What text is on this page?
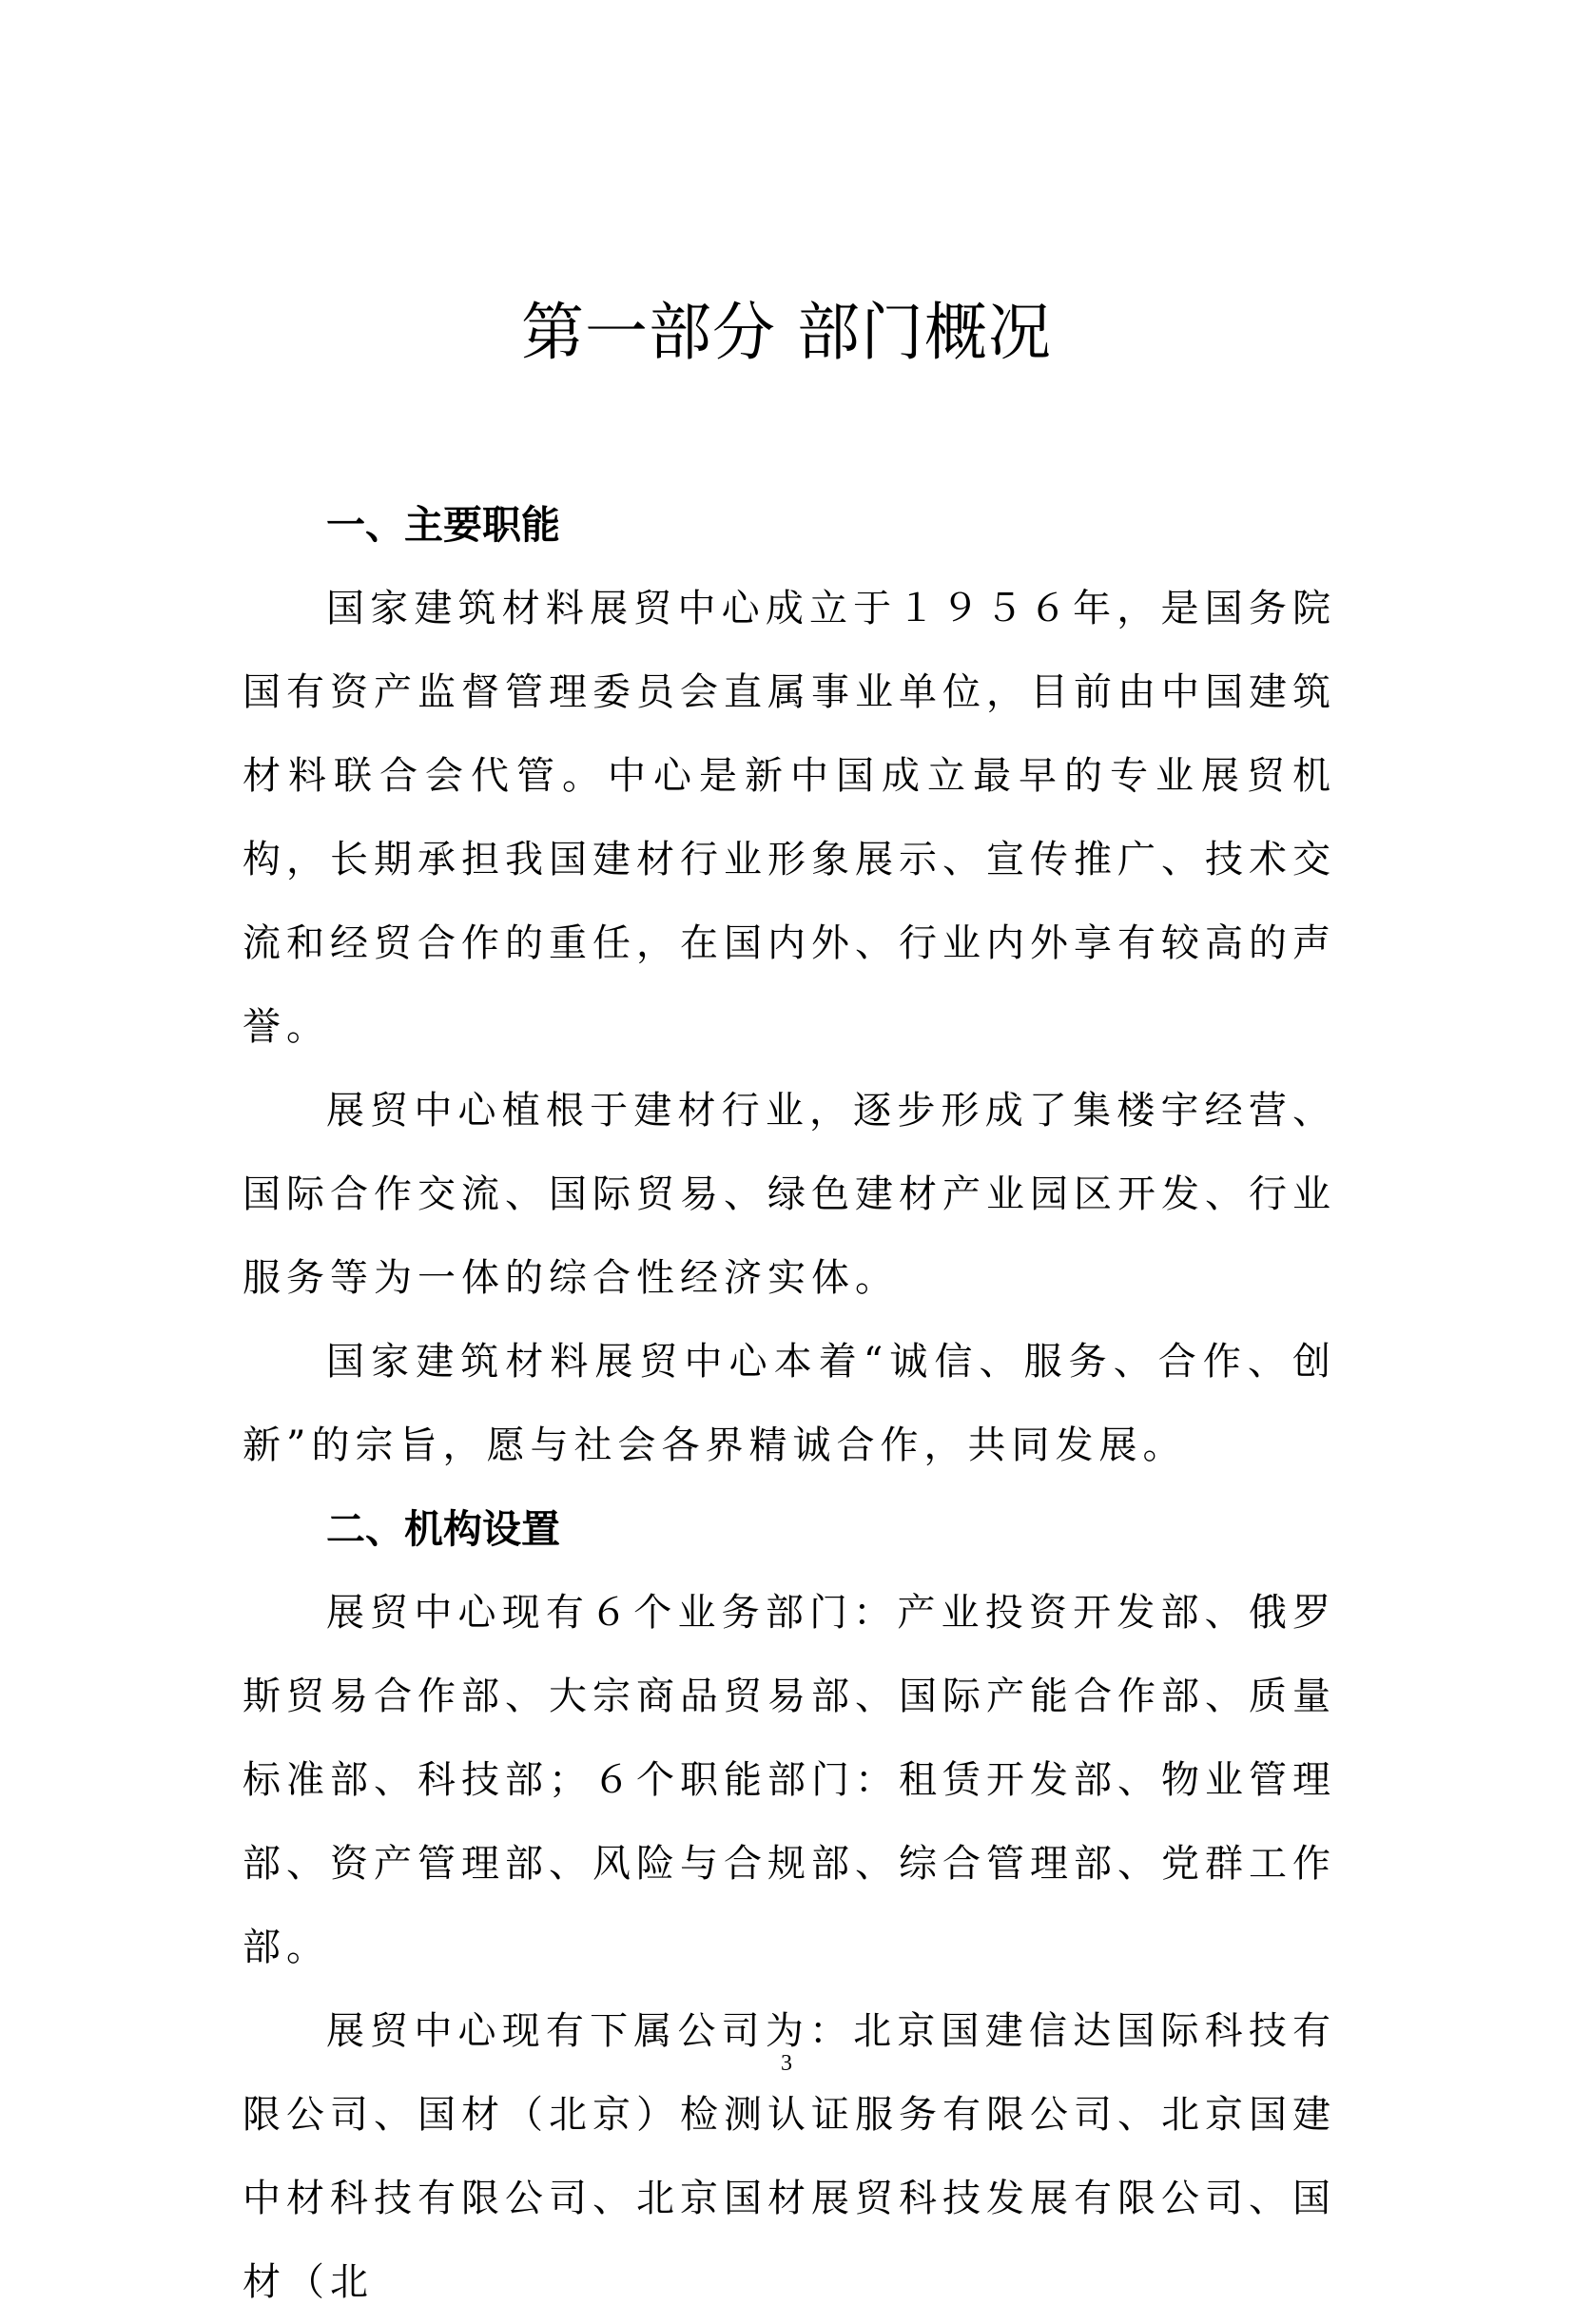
第一部分 部门概况
一、主要职能

国家建筑材料展贸中心成立于１９５６年，是国务院国有资产监督管理委员会直属事业单位，目前由中国建筑材料联合会代管。中心是新中国成立最早的专业展贸机构，长期承担我国建材行业形象展示、宣传推广、技术交流和经贸合作的重任，在国内外、行业内外享有较高的声誉。

展贸中心植根于建材行业，逐步形成了集楼宇经营、国际合作交流、国际贸易、绿色建材产业园区开发、行业服务等为一体的综合性经济实体。

国家建筑材料展贸中心本着“诚信、服务、合作、创新”的宗旨，愿与社会各界精诚合作，共同发展。

二、机构设置

展贸中心现有６个业务部门：产业投资开发部、俄罗斯贸易合作部、大宗商品贸易部、国际产能合作部、质量标准部、科技部；６个职能部门：租赁开发部、物业管理部、资产管理部、风险与合规部、综合管理部、党群工作部。

展贸中心现有下属公司为：北京国建信达国际科技有限公司、国材（北京）检测认证服务有限公司、北京国建中材科技有限公司、北京国材展贸科技发展有限公司、国材（北

3
